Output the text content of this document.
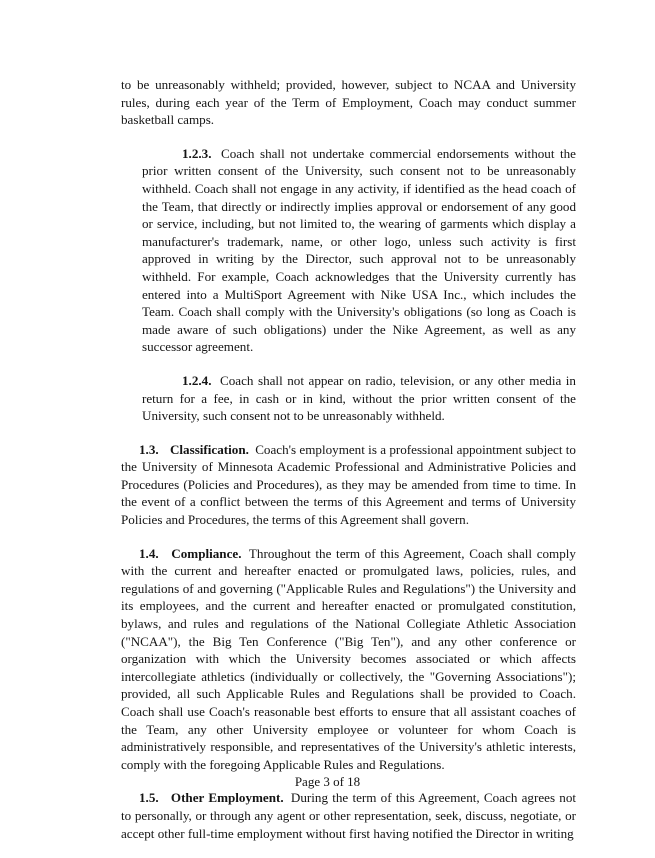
to be unreasonably withheld; provided, however, subject to NCAA and University rules, during each year of the Term of Employment, Coach may conduct summer basketball camps.

1.2.3. Coach shall not undertake commercial endorsements without the prior written consent of the University, such consent not to be unreasonably withheld. Coach shall not engage in any activity, if identified as the head coach of the Team, that directly or indirectly implies approval or endorsement of any good or service, including, but not limited to, the wearing of garments which display a manufacturer's trademark, name, or other logo, unless such activity is first approved in writing by the Director, such approval not to be unreasonably withheld. For example, Coach acknowledges that the University currently has entered into a MultiSport Agreement with Nike USA Inc., which includes the Team. Coach shall comply with the University's obligations (so long as Coach is made aware of such obligations) under the Nike Agreement, as well as any successor agreement.

1.2.4. Coach shall not appear on radio, television, or any other media in return for a fee, in cash or in kind, without the prior written consent of the University, such consent not to be unreasonably withheld.

1.3. Classification. Coach's employment is a professional appointment subject to the University of Minnesota Academic Professional and Administrative Policies and Procedures (Policies and Procedures), as they may be amended from time to time. In the event of a conflict between the terms of this Agreement and terms of University Policies and Procedures, the terms of this Agreement shall govern.

1.4. Compliance. Throughout the term of this Agreement, Coach shall comply with the current and hereafter enacted or promulgated laws, policies, rules, and regulations of and governing ("Applicable Rules and Regulations") the University and its employees, and the current and hereafter enacted or promulgated constitution, bylaws, and rules and regulations of the National Collegiate Athletic Association ("NCAA"), the Big Ten Conference ("Big Ten"), and any other conference or organization with which the University becomes associated or which affects intercollegiate athletics (individually or collectively, the "Governing Associations"); provided, all such Applicable Rules and Regulations shall be provided to Coach. Coach shall use Coach's reasonable best efforts to ensure that all assistant coaches of the Team, any other University employee or volunteer for whom Coach is administratively responsible, and representatives of the University's athletic interests, comply with the foregoing Applicable Rules and Regulations.

1.5. Other Employment. During the term of this Agreement, Coach agrees not to personally, or through any agent or other representation, seek, discuss, negotiate, or accept other full-time employment without first having notified the Director in writing

Page 3 of 18
